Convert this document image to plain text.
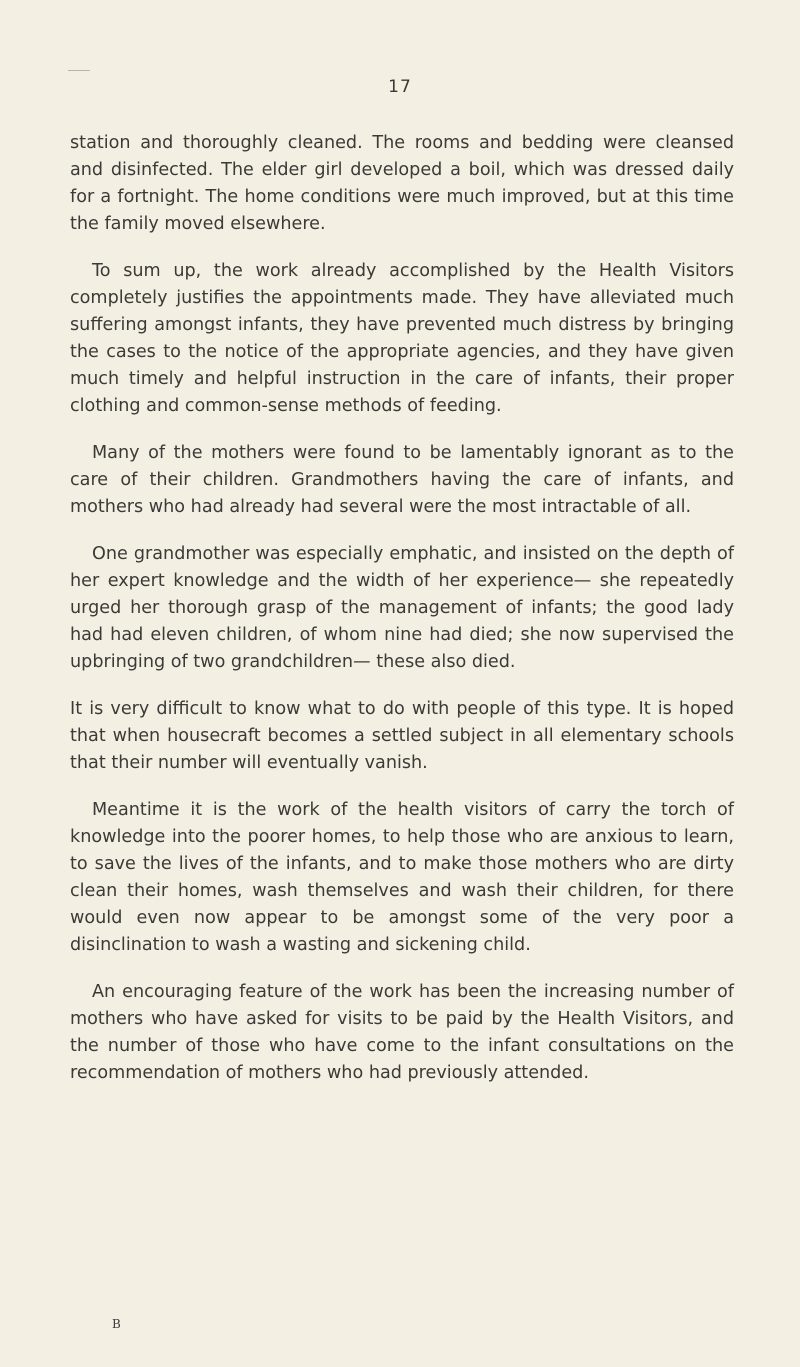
17

station and thoroughly cleaned. The rooms and bedding were cleansed and disinfected. The elder girl developed a boil, which was dressed daily for a fortnight. The home conditions were much improved, but at this time the family moved elsewhere.

To sum up, the work already accomplished by the Health Visitors completely justifies the appointments made. They have alleviated much suffering amongst infants, they have prevented much distress by bringing the cases to the notice of the appropriate agencies, and they have given much timely and helpful instruction in the care of infants, their proper clothing and common-sense methods of feeding.

Many of the mothers were found to be lamentably ignorant as to the care of their children. Grandmothers having the care of infants, and mothers who had already had several were the most intractable of all.

One grandmother was especially emphatic, and insisted on the depth of her expert knowledge and the width of her experience— she repeatedly urged her thorough grasp of the management of infants; the good lady had had eleven children, of whom nine had died; she now supervised the upbringing of two grandchildren— these also died.

It is very difficult to know what to do with people of this type. It is hoped that when housecraft becomes a settled subject in all elementary schools that their number will eventually vanish.

Meantime it is the work of the health visitors of carry the torch of knowledge into the poorer homes, to help those who are anxious to learn, to save the lives of the infants, and to make those mothers who are dirty clean their homes, wash themselves and wash their children, for there would even now appear to be amongst some of the very poor a disinclination to wash a wasting and sickening child.

An encouraging feature of the work has been the increasing number of mothers who have asked for visits to be paid by the Health Visitors, and the number of those who have come to the infant consultations on the recommendation of mothers who had previously attended.

B
